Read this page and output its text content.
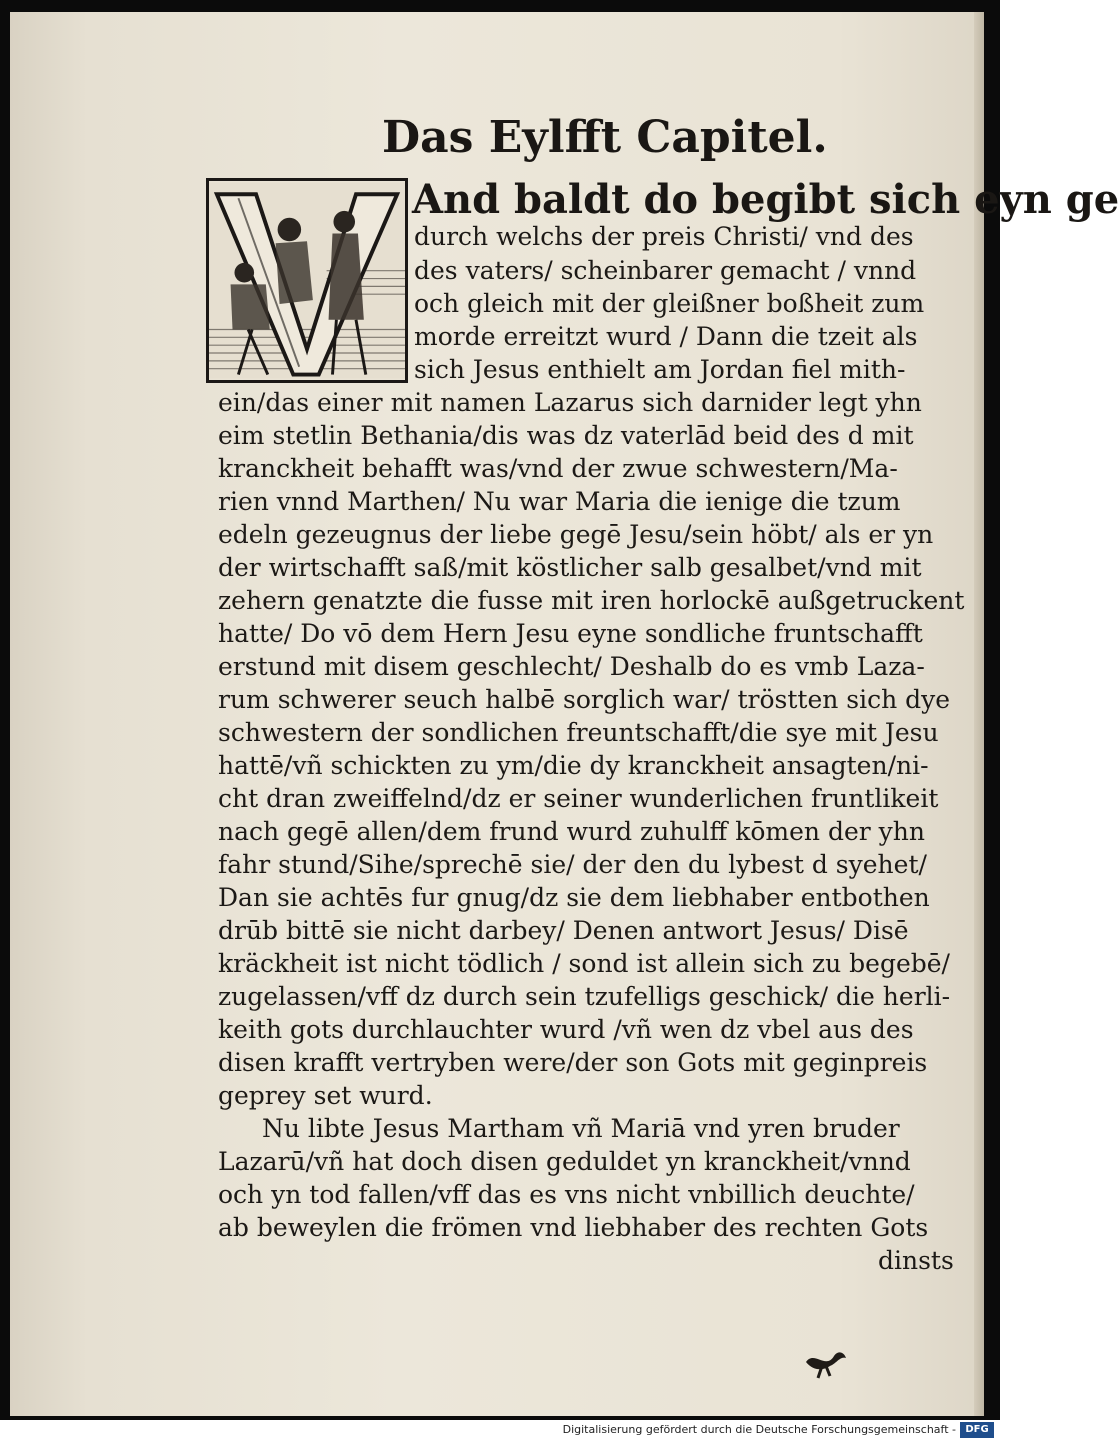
Das Eylfft Capitel.
And baldt do begibt sich eyn ge
durch welchs der preis Christi/ vnd des
des vaters/ scheinbarer gemacht / vnnd
och gleich mit der gleißner boßheit zum
morde erreitzt wurd / Dann die tzeit als
sich Jesus enthielt am Jordan fiel mith-
ein/das einer mit namen Lazarus sich darnider legt yhn
eim stetlin Bethania/dis was dz vaterlād beid des d mit
kranckheit behafft was/vnd der zwue schwestern/Ma-
rien vnnd Marthen/ Nu war Maria die ienige die tzum
edeln gezeugnus der liebe gegē Jesu/sein höbt/ als er yn
der wirtschafft saß/mit köstlicher salb gesalbet/vnd mit
zehern genatzte die fusse mit iren horlockē außgetruckent
hatte/ Do vō dem Hern Jesu eyne sondliche fruntschafft
erstund mit disem geschlecht/ Deshalb do es vmb Laza-
rum schwerer seuch halbē sorglich war/ tröstten sich dye
schwestern der sondlichen freuntschafft/die sye mit Jesu
hattē/vñ schickten zu ym/die dy kranckheit ansagten/ni-
cht dran zweiffelnd/dz er seiner wunderlichen fruntlikeit
nach gegē allen/dem frund wurd zuhulff kōmen der yhn
fahr stund/Sihe/sprechē sie/ der den du lybest d syehet/
Dan sie achtēs fur gnug/dz sie dem liebhaber entbothen
drūb bittē sie nicht darbey/ Denen antwort Jesus/ Disē
kräckheit ist nicht tödlich / sond ist allein sich zu begebē/
zugelassen/vff dz durch sein tzufelligs geschick/ die herli-
keith gots durchlauchter wurd /vñ wen dz vbel aus des
disen krafft vertryben were/der son Gots mit geginpreis
geprey set wurd.
Nu libte Jesus Martham vñ Mariā vnd yren bruder
Lazarū/vñ hat doch disen geduldet yn kranckheit/vnnd
och yn tod fallen/vff das es vns nicht vnbillich deuchte/
ab beweylen die frömen vnd liebhaber des rechten Gots
dinsts
Digitalisierung gefördert durch die Deutsche Forschungsgemeinschaft - DFG
